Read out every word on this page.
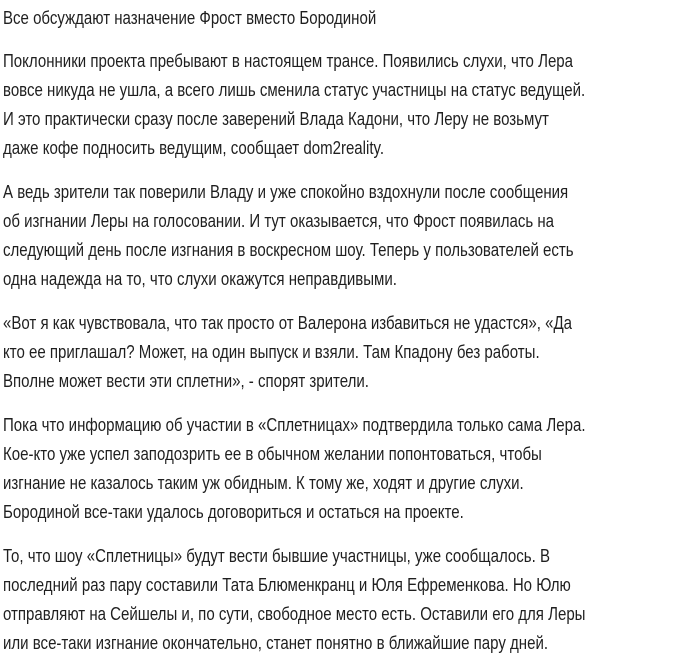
Все обсуждают назначение Фрост вместо Бородиной

Поклонники проекта пребывают в настоящем трансе. Появились слухи, что Лера
вовсе никуда не ушла, а всего лишь сменила статус участницы на статус ведущей.
И это практически сразу после заверений Влада Кадони, что Леру не возьмут
даже кофе подносить ведущим, сообщает dom2reality.

А ведь зрители так поверили Владу и уже спокойно вздохнули после сообщения
об изгнании Леры на голосовании. И тут оказывается, что Фрост появилась на
следующий день после изгнания в воскресном шоу. Теперь у пользователей есть
одна надежда на то, что слухи окажутся неправдивыми.

«Вот я как чувствовала, что так просто от Валерона избавиться не удастся», «Да
кто ее приглашал? Может, на один выпуск и взяли. Там Кпадону без работы.
Вполне может вести эти сплетни», - спорят зрители.

Пока что информацию об участии в «Сплетницах» подтвердила только сама Лера.
Кое-кто уже успел заподозрить ее в обычном желании попонтоваться, чтобы
изгнание не казалось таким уж обидным. К тому же, ходят и другие слухи.
Бородиной все-таки удалось договориться и остаться на проекте.

То, что шоу «Сплетницы» будут вести бывшие участницы, уже сообщалось. В
последний раз пару составили Тата Блюменкранц и Юля Ефременкова. Но Юлю
отправляют на Сейшелы и, по сути, свободное место есть. Оставили его для Леры
или все-таки изгнание окончательно, станет понятно в ближайшие пару дней.
